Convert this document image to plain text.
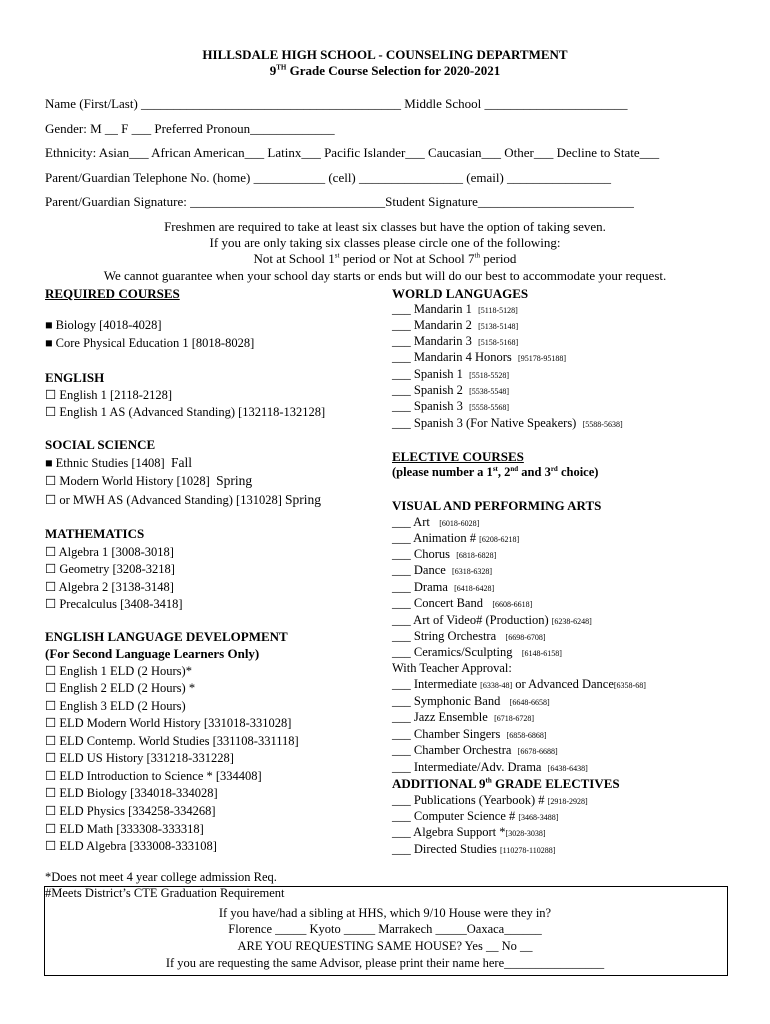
HILLSDALE HIGH SCHOOL - COUNSELING DEPARTMENT
9TH Grade Course Selection for 2020-2021
Name (First/Last) ________________________________________ Middle School ______________________
Gender: M __ F ___ Preferred Pronoun_____________
Ethnicity: Asian___ African American___ Latinx___ Pacific Islander___ Caucasian___ Other___ Decline to State___
Parent/Guardian Telephone No. (home) ___________ (cell) ________________ (email) ________________
Parent/Guardian Signature: ______________________________Student Signature________________________
Freshmen are required to take at least six classes but have the option of taking seven.
If you are only taking six classes please circle one of the following:
Not at School 1st period or Not at School 7th period
We cannot guarantee when your school day starts or ends but will do our best to accommodate your request.
REQUIRED COURSES
■ Biology [4018-4028]
■ Core Physical Education 1 [8018-8028]
ENGLISH
☐ English 1 [2118-2128]
☐ English 1 AS (Advanced Standing) [132118-132128]
SOCIAL SCIENCE
■ Ethnic Studies [1408] Fall
☐ Modern World History [1028] Spring
☐ or MWH AS (Advanced Standing) [131028] Spring
MATHEMATICS
☐ Algebra 1 [3008-3018]
☐ Geometry [3208-3218]
☐ Algebra 2 [3138-3148]
☐ Precalculus [3408-3418]
ENGLISH LANGUAGE DEVELOPMENT
(For Second Language Learners Only)
☐ English 1 ELD (2 Hours)*
☐ English 2 ELD (2 Hours) *
☐ English 3 ELD (2 Hours)
☐ ELD Modern World History [331018-331028]
☐ ELD Contemp. World Studies [331108-331118]
☐ ELD US History [331218-331228]
☐ ELD Introduction to Science * [334408]
☐ ELD Biology [334018-334028]
☐ ELD Physics [334258-334268]
☐ ELD Math [333308-333318]
☐ ELD Algebra [333008-333108]
WORLD LANGUAGES
___ Mandarin 1 [5118-5128]
___ Mandarin 2 [5138-5148]
___ Mandarin 3 [5158-5168]
___ Mandarin 4 Honors [95178-95188]
___ Spanish 1 [5518-5528]
___ Spanish 2 [5538-5548]
___ Spanish 3 [5558-5568]
___ Spanish 3 (For Native Speakers) [5588-5638]
ELECTIVE COURSES
(please number a 1st, 2nd and 3rd choice)
VISUAL AND PERFORMING ARTS
___ Art [6018-6028]
___ Animation # [6208-6218]
___ Chorus [6818-6828]
___ Dance [6318-6328]
___ Drama [6418-6428]
___ Concert Band [6608-6618]
___ Art of Video# (Production) [6238-6248]
___ String Orchestra [6698-6708]
___ Ceramics/Sculpting [6148-6158]
With Teacher Approval:
___ Intermediate [6338-48] or Advanced Dance[6358-68]
___ Symphonic Band [6648-6658]
___ Jazz Ensemble [6718-6728]
___ Chamber Singers [6858-6868]
___ Chamber Orchestra [6678-6688]
___ Intermediate/Adv. Drama [6438-6438]
ADDITIONAL 9th GRADE ELECTIVES
___ Publications (Yearbook) # [2918-2928]
___ Computer Science # [3468-3488]
___ Algebra Support *[3028-3038]
___ Directed Studies [110278-110288]
*Does not meet 4 year college admission Req.
#Meets District’s CTE Graduation Requirement
If you have/had a sibling at HHS, which 9/10 House were they in?
Florence _____ Kyoto _____ Marrakech _____Oaxaca______
ARE YOU REQUESTING SAME HOUSE? Yes __ No __
If you are requesting the same Advisor, please print their name here________________
